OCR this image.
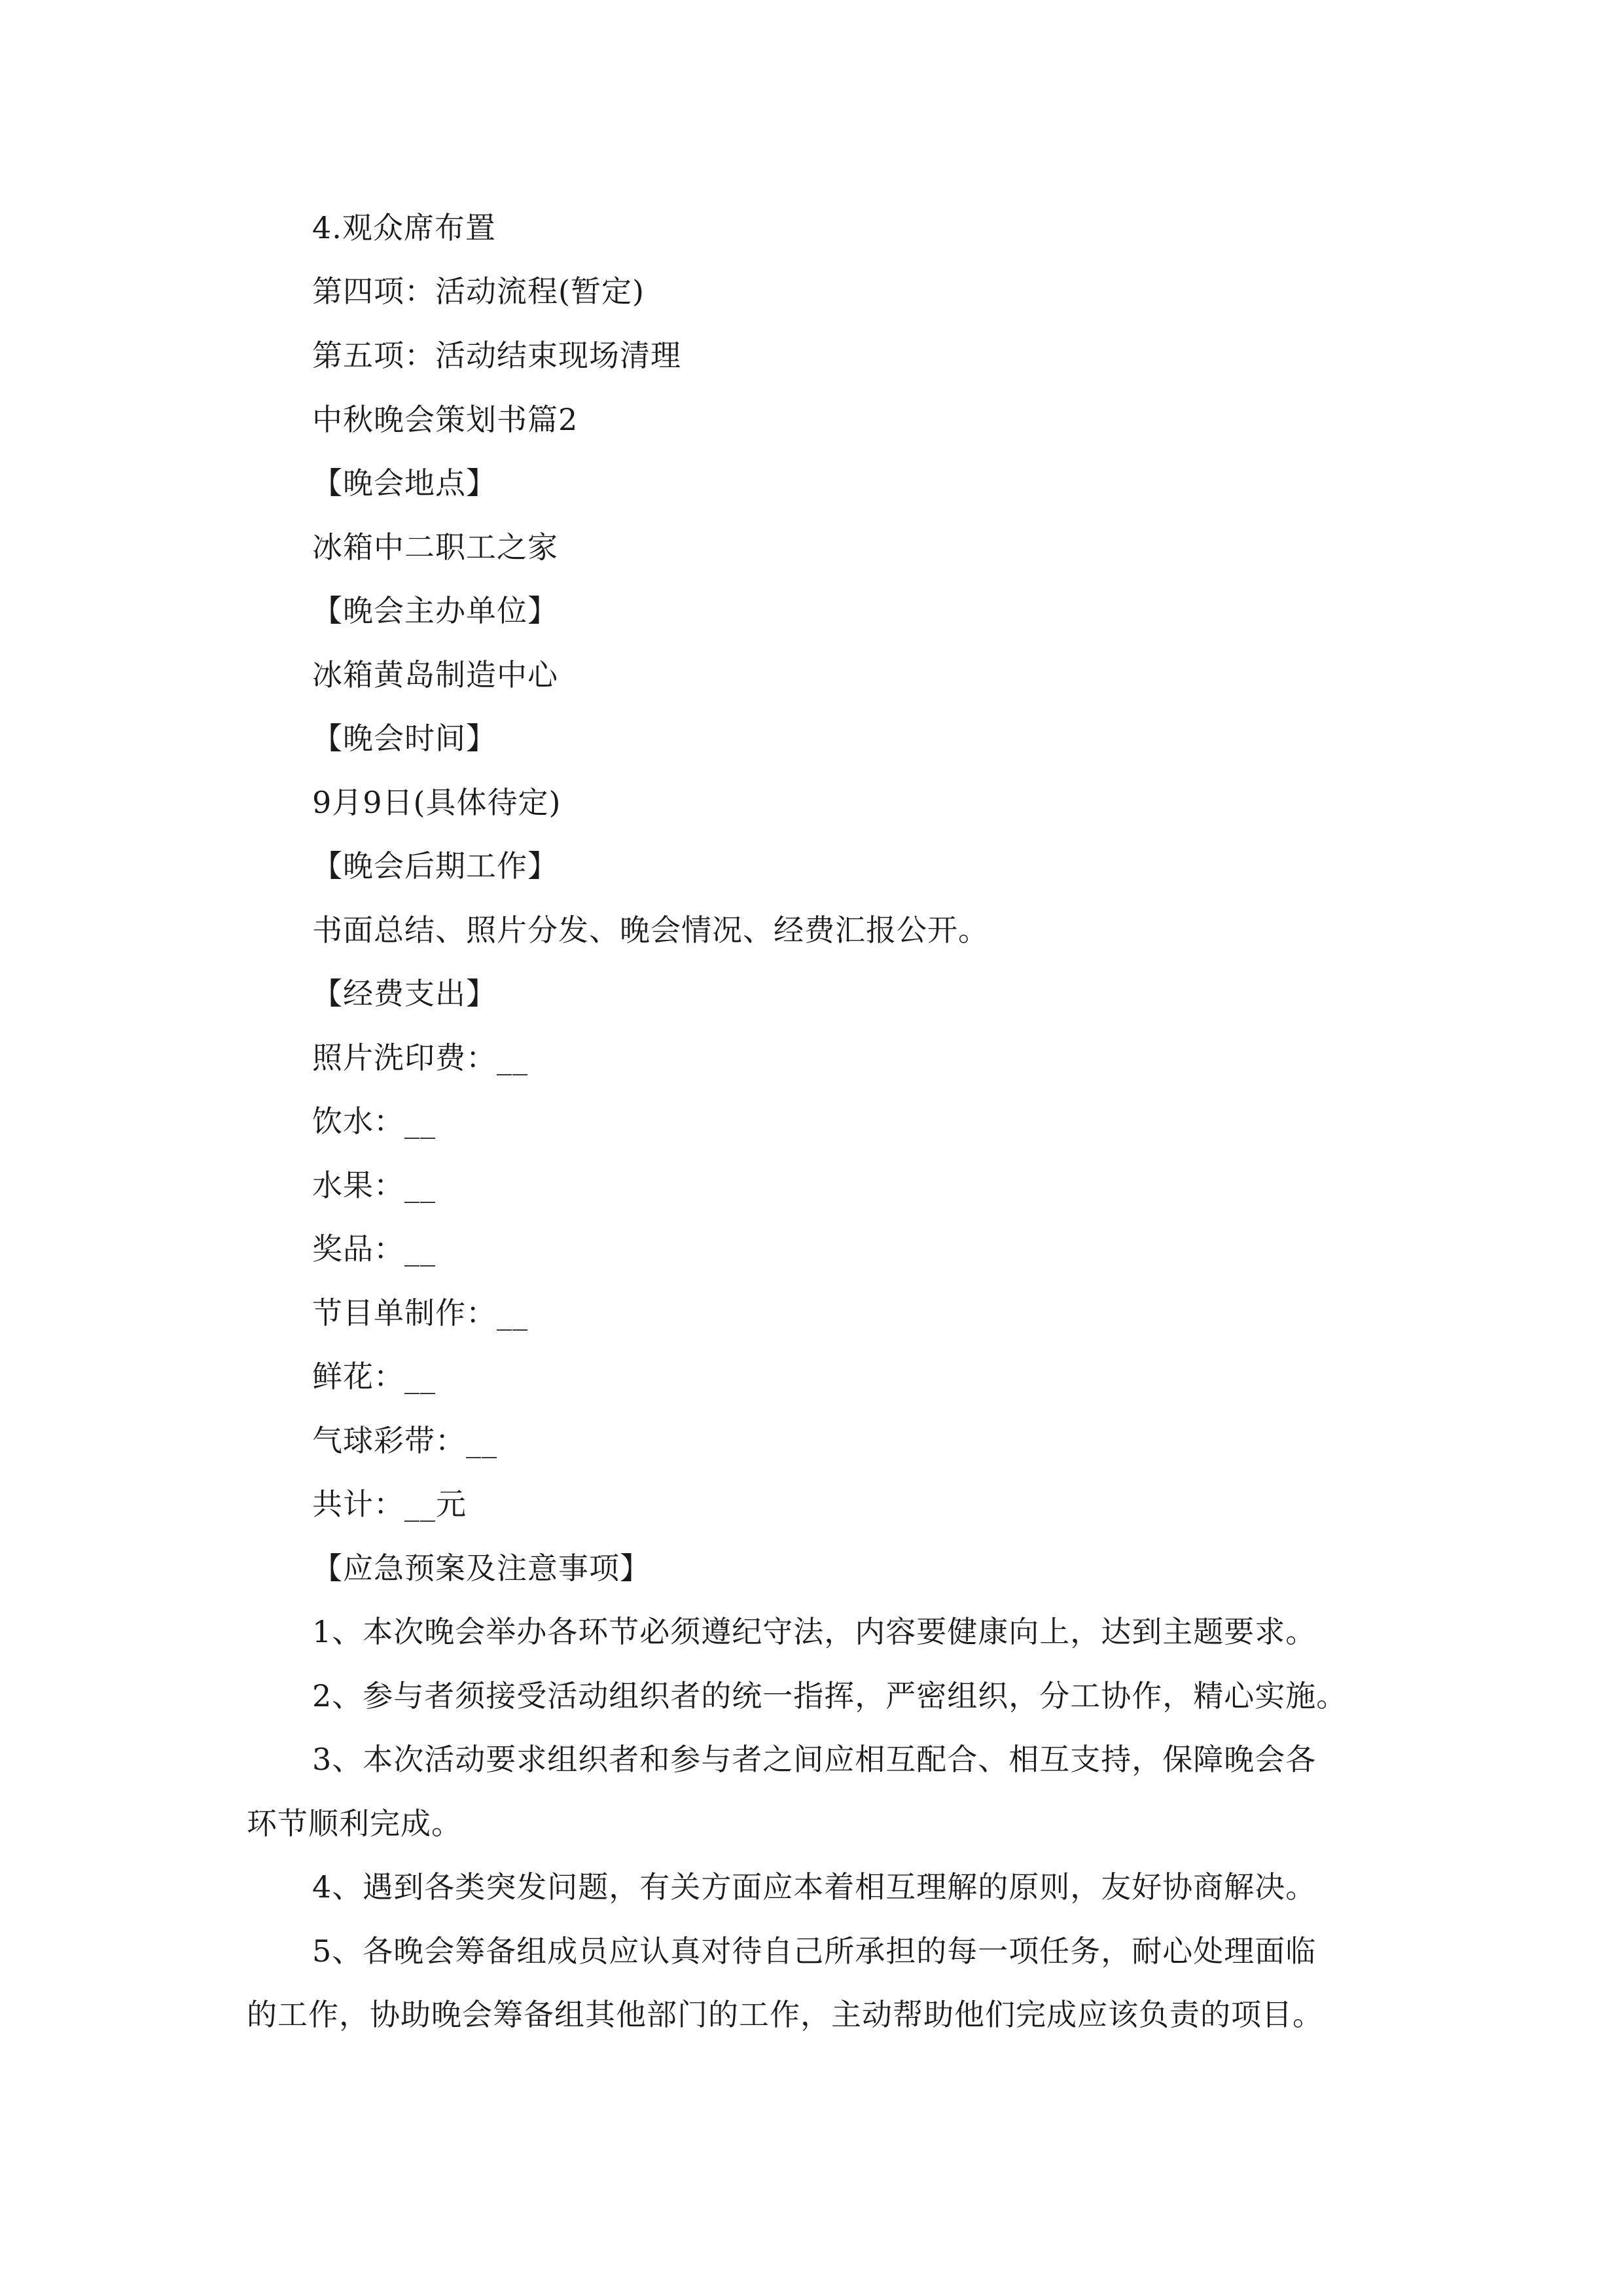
4.观众席布置
第四项：活动流程(暂定)
第五项：活动结束现场清理
中秋晚会策划书篇2
【晚会地点】
冰箱中二职工之家
【晚会主办单位】
冰箱黄岛制造中心
【晚会时间】
9月9日(具体待定)
【晚会后期工作】
书面总结、照片分发、晚会情况、经费汇报公开。
【经费支出】
照片洗印费：__
饮水：__
水果：__
奖品：__
节目单制作：__
鲜花：__
气球彩带：__
共计：__元
【应急预案及注意事项】
1、本次晚会举办各环节必须遵纪守法，内容要健康向上，达到主题要求。
2、参与者须接受活动组织者的统一指挥，严密组织，分工协作，精心实施。
3、本次活动要求组织者和参与者之间应相互配合、相互支持，保障晚会各
环节顺利完成。
4、遇到各类突发问题，有关方面应本着相互理解的原则，友好协商解决。
5、各晚会筹备组成员应认真对待自己所承担的每一项任务，耐心处理面临
的工作，协助晚会筹备组其他部门的工作，主动帮助他们完成应该负责的项目。
